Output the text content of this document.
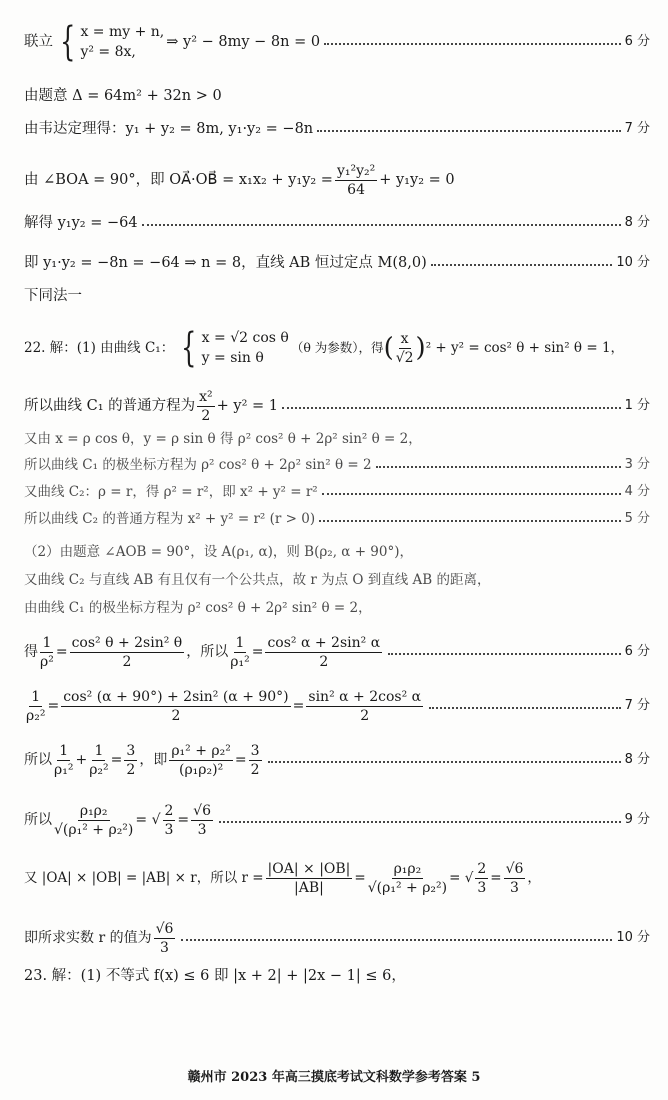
联立 { x = my + n,
y² = 8x,
⇒ y² − 8my − 8n = 0	6 分
由题意 Δ = 64m² + 32n > 0
由韦达定理得：y₁ + y₂ = 8m, y₁·y₂ = −8n	7 分
由 ∠BOA = 90°，即 OA⃗·OB⃗ = $x_1x_2 + y_1y_2 = \frac{\text{y₁²y₂²}}{64} + y_1y_2 = 0$
解得 y₁y₂ = −64	8 分
即 y₁·y₂ = −8n = −64 ⇒ n = 8，直线 AB 恒过定点 M(8,0)	10 分
下同法一
22. 解：(1) 由曲线 C₁： { x = √2 cos θ
y = sin θ
（θ 为参数），得 ( $\frac{x}{√2}$ ) ² + y² = cos² θ + sin² θ = 1，
所以曲线 C₁ 的普通方程为 $\frac{\text{x²}}{2} + y^2 = 1$	1 分
又由 x = ρ cos θ，y = ρ sin θ 得 ρ² cos² θ + 2ρ² sin² θ = 2，
所以曲线 C₁ 的极坐标方程为 ρ² cos² θ + 2ρ² sin² θ = 2	3 分
又曲线 C₂：ρ = r，得 ρ² = r²，即 x² + y² = r²	4 分
所以曲线 C₂ 的普通方程为 x² + y² = r² (r > 0)	5 分
（2）由题意 ∠AOB = 90°，设 A(ρ₁, α)，则 B(ρ₂, α + 90°)，
又曲线 C₂ 与直线 AB 有且仅有一个公共点，故 r 为点 O 到直线 AB 的距离，
由曲线 C₁ 的极坐标方程为 ρ² cos² θ + 2ρ² sin² θ = 2，
得 $\frac{1}{\text{ρ²}} = \frac{\text{cos² θ + 2sin² θ}}{2}$ ，所以 $\frac{1}{\text{ρ₁²}} = \frac{\text{cos² α + 2sin² α}}{2}$	6 分
$\frac{1}{\text{ρ₂²}} = \frac{\text{cos² (α + 90°) + 2sin² (α + 90°)}}{2} = \frac{\text{sin² α + 2cos² α}}{2}$	7 分
所以 $\frac{1}{\text{ρ₁²}} + \frac{1}{\text{ρ₂²}} = \frac{3}{2}$ ，即 $\frac{\text{ρ₁² + ρ₂²}}{\text{(ρ₁ρ₂)²}} = \frac{3}{2}$	8 分
所以 $\frac{\text{ρ₁ρ₂}}{\text{√(ρ₁² + ρ₂²)}}$ = √ $\frac{2}{3} = \frac{√6}{3}$	9 分
又 |OA| × |OB| = |AB| × r，所以 $r = \frac{|OA| \times |OB|}{|AB|} = \frac{\text{ρ₁ρ₂}}{\text{√(ρ₁² + ρ₂²)}}$ = √ $\frac{2}{3} = \frac{√6}{3}$ ，
即所求实数 r 的值为 $\frac{√6}{3}$	10 分
23. 解：(1) 不等式 f(x) ≤ 6 即 |x + 2| + |2x − 1| ≤ 6，
赣州市 2023 年高三摸底考试文科数学参考答案 5
